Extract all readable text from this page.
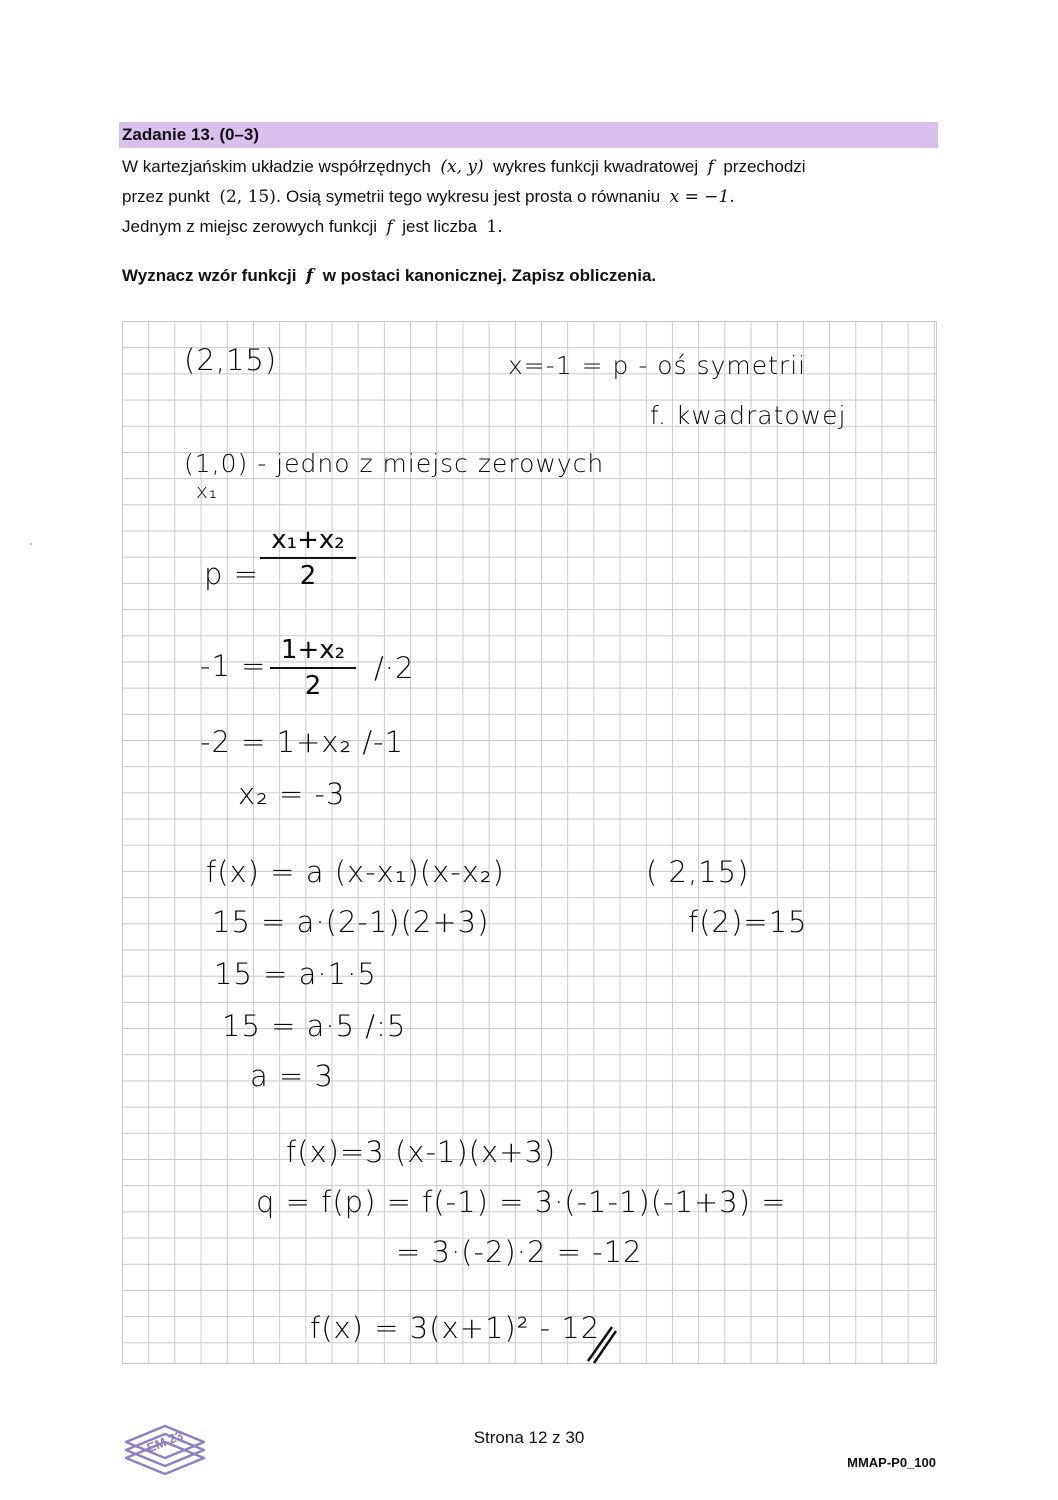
Zadanie 13. (0–3)
W kartezjańskim układzie współrzędnych (x, y) wykres funkcji kwadratowej f przechodzi
przez punkt (2, 15). Osią symetrii tego wykresu jest prosta o równaniu x = −1.
Jednym z miejsc zerowych funkcji f jest liczba 1.
Wyznacz wzór funkcji f w postaci kanonicznej. Zapisz obliczenia.
(2,15)	x=-1 = p - oś symetrii
f. kwadratowej
(1,0) - jedno z miejsc zerowych
x₁
p =
x₁+x₂
2
-1 = 1+x₂
2
/·2
-2 = 1+x₂ /-1
x₂ = -3
f(x) = a (x-x₁)(x-x₂)	( 2,15)
f(2)=15
15 = a·(2-1)(2+3)
15 = a·1·5
15 = a·5 /:5
a = 3
f(x)=3 (x-1)(x+3)
q = f(p) = f(-1) = 3·(-1-1)(-1+3) =
= 3·(-2)·2 = -12
f(x) = 3(x+1)² - 12
EM 23	Strona 12 z 30
MMAP-P0_100
